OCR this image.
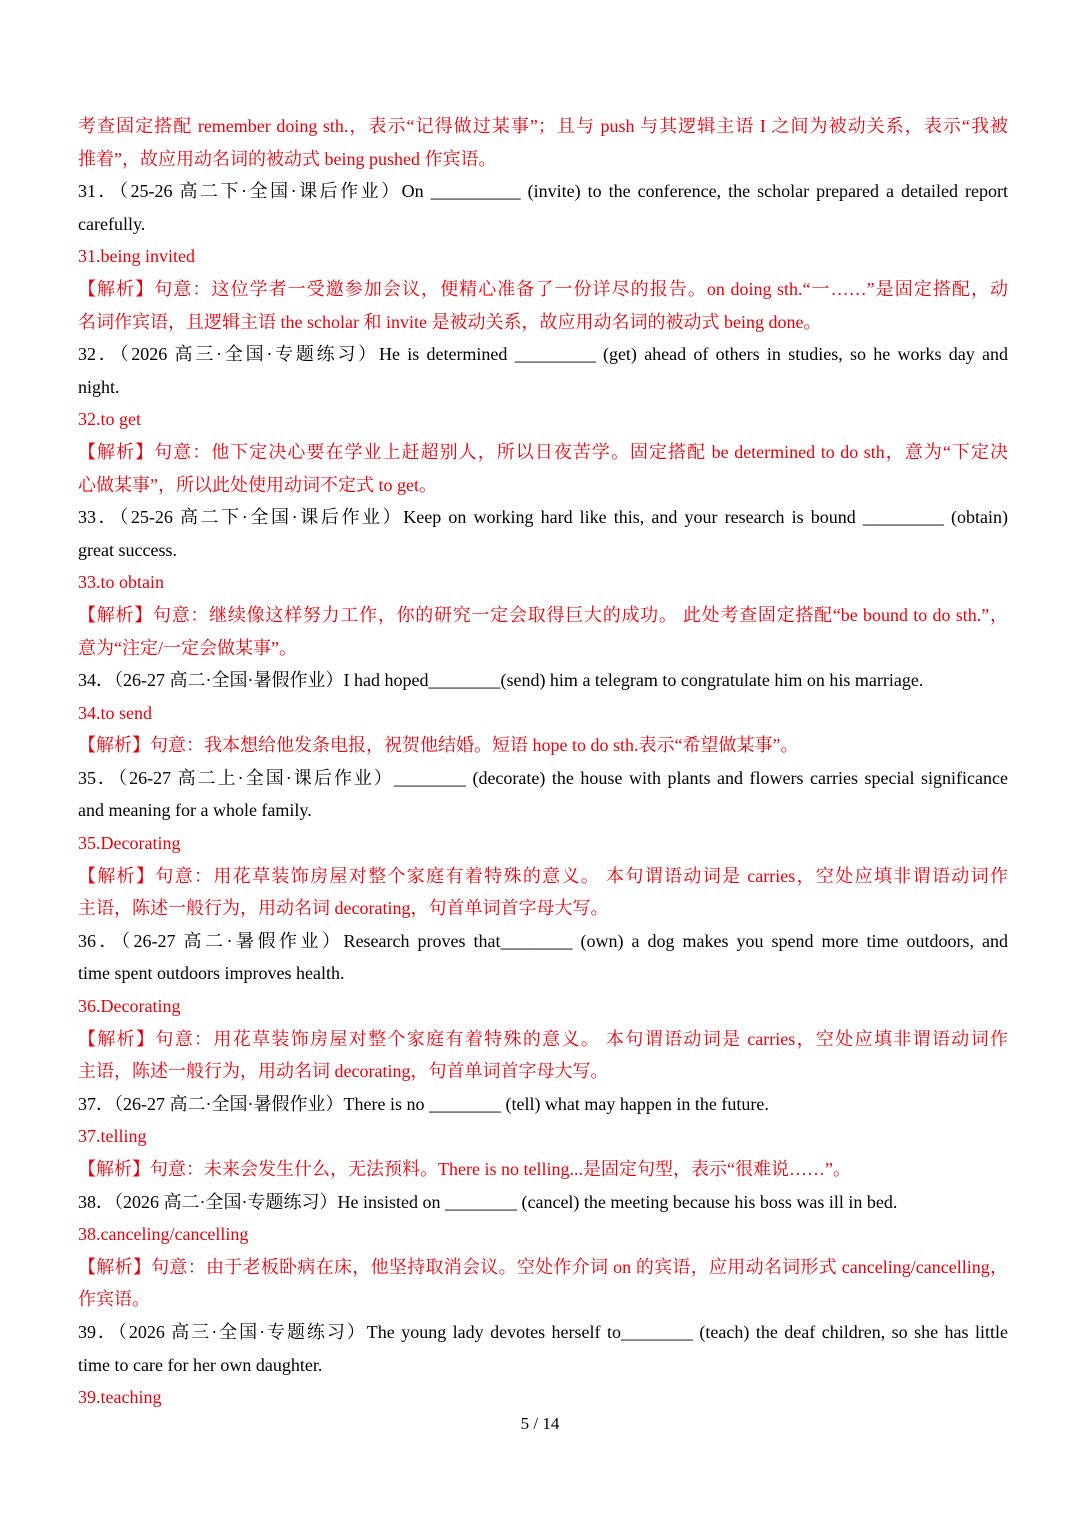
考查固定搭配 remember doing sth.，表示“记得做过某事”；且与 push 与其逻辑主语 I 之间为被动关系，表示“我被
推着”，故应用动名词的被动式 being pushed 作宾语。
31．（25-26 高二下·全国·课后作业）On __________ (invite) to the conference, the scholar prepared a detailed report
carefully.
31.being invited
【解析】句意：这位学者一受邀参加会议，便精心准备了一份详尽的报告。on doing sth.“一……”是固定搭配，动
名词作宾语，且逻辑主语 the scholar 和 invite 是被动关系，故应用动名词的被动式 being done。
32．（2026 高三·全国·专题练习）He is determined _________ (get) ahead of others in studies, so he works day and
night.
32.to get
【解析】句意：他下定决心要在学业上赶超别人，所以日夜苦学。固定搭配 be determined to do sth，意为“下定决
心做某事”，所以此处使用动词不定式 to get。
33．（25-26 高二下·全国·课后作业）Keep on working hard like this, and your research is bound _________ (obtain)
great success.
33.to obtain
【解析】句意：继续像这样努力工作，你的研究一定会取得巨大的成功。 此处考查固定搭配“be bound to do sth.”，
意为“注定/一定会做某事”。
34．（26-27 高二·全国·暑假作业）I had hoped________(send) him a telegram to congratulate him on his marriage.
34.to send
【解析】句意：我本想给他发条电报，祝贺他结婚。短语 hope to do sth.表示“希望做某事”。
35．（26-27 高二上·全国·课后作业）________ (decorate) the house with plants and flowers carries special significance
and meaning for a whole family.
35.Decorating
【解析】句意：用花草装饰房屋对整个家庭有着特殊的意义。 本句谓语动词是 carries，空处应填非谓语动词作
主语，陈述一般行为，用动名词 decorating，句首单词首字母大写。
36．（26-27 高二·暑假作业）Research proves that________ (own) a dog makes you spend more time outdoors, and
time spent outdoors improves health.
36.Decorating
【解析】句意：用花草装饰房屋对整个家庭有着特殊的意义。 本句谓语动词是 carries，空处应填非谓语动词作
主语，陈述一般行为，用动名词 decorating，句首单词首字母大写。
37．（26-27 高二·全国·暑假作业）There is no ________ (tell) what may happen in the future.
37.telling
【解析】句意：未来会发生什么，无法预料。There is no telling...是固定句型，表示“很难说……”。
38．（2026 高二·全国·专题练习）He insisted on ________ (cancel) the meeting because his boss was ill in bed.
38.canceling/cancelling
【解析】句意：由于老板卧病在床，他坚持取消会议。空处作介词 on 的宾语，应用动名词形式 canceling/cancelling，
作宾语。
39．（2026 高三·全国·专题练习）The young lady devotes herself to________ (teach) the deaf children, so she has little
time to care for her own daughter.
39.teaching
5 / 14
